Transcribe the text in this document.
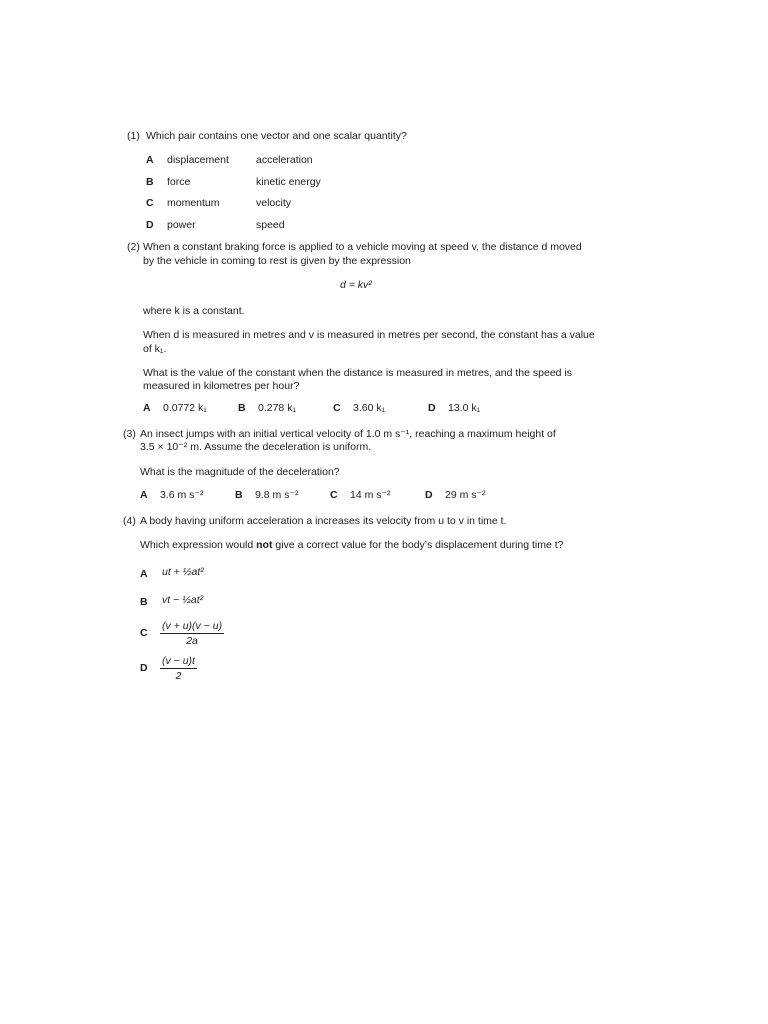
(1) Which pair contains one vector and one scalar quantity?
A displacement	acceleration
B force	kinetic energy
C momentum	velocity
D power	speed
(2) When a constant braking force is applied to a vehicle moving at speed v, the distance d moved
by the vehicle in coming to rest is given by the expression
d = kv²
where k is a constant.
When d is measured in metres and v is measured in metres per second, the constant has a value
of k₁.
What is the value of the constant when the distance is measured in metres, and the speed is
measured in kilometres per hour?
A 0.0772 k₁	B 0.278 k₁	C 3.60 k₁	D 13.0 k₁
(3) An insect jumps with an initial vertical velocity of 1.0 m s⁻¹, reaching a maximum height of
3.5 × 10⁻² m. Assume the deceleration is uniform.
What is the magnitude of the deceleration?
A 3.6 m s⁻²	B 9.8 m s⁻²	C 14 m s⁻²	D 29 m s⁻²
(4) A body having uniform acceleration a increases its velocity from u to v in time t.
Which expression would not give a correct value for the body’s displacement during time t?
A ut + ½at²
B vt − ½at²
C $\frac{(v + u)(v - u)}{2a}$
D $\frac{(v - u)t}{2}$
